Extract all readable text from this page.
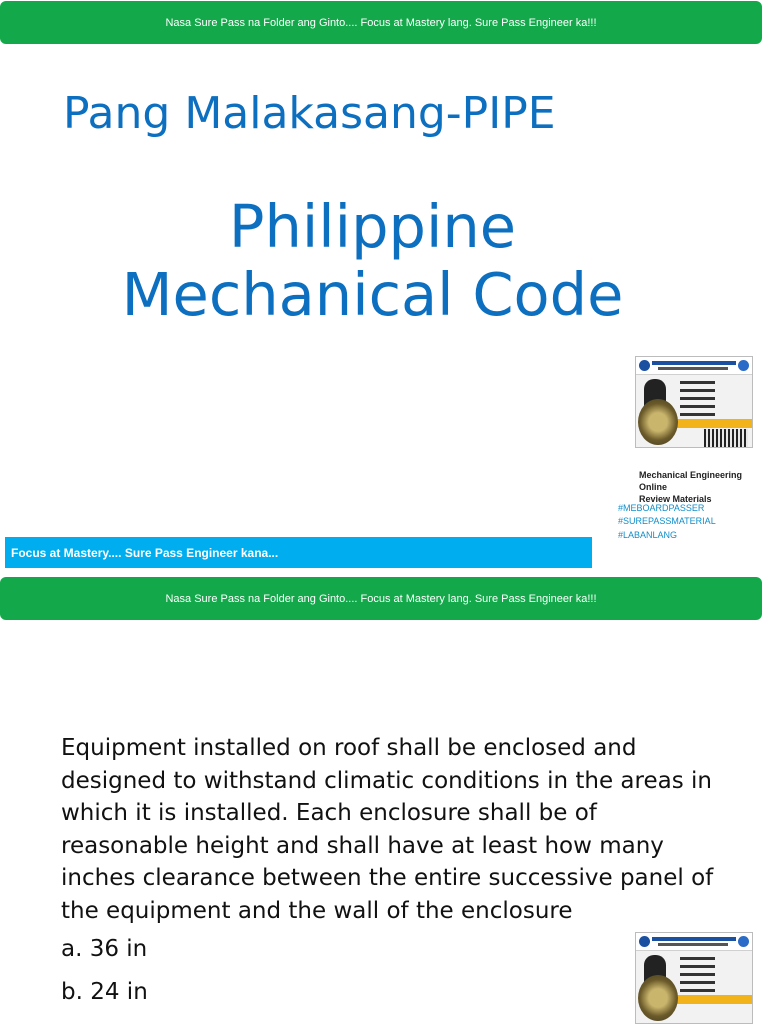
Nasa Sure Pass na Folder ang Ginto.... Focus at Mastery lang. Sure Pass Engineer ka!!!
Pang Malakasang-PIPE
Philippine
Mechanical Code
Mechanical Engineering Online
Review Materials
#MEBOARDPASSER
#SUREPASSMATERIAL
#LABANLANG
Focus at Mastery.... Sure Pass Engineer kana...
Nasa Sure Pass na Folder ang Ginto.... Focus at Mastery lang. Sure Pass Engineer ka!!!
Equipment installed on roof shall be enclosed and designed to withstand climatic conditions in the areas in which it is installed. Each enclosure shall be of reasonable height and shall have at least how many inches clearance between the entire successive panel of the equipment and the wall of the enclosure
a. 36 in
b. 24 in
